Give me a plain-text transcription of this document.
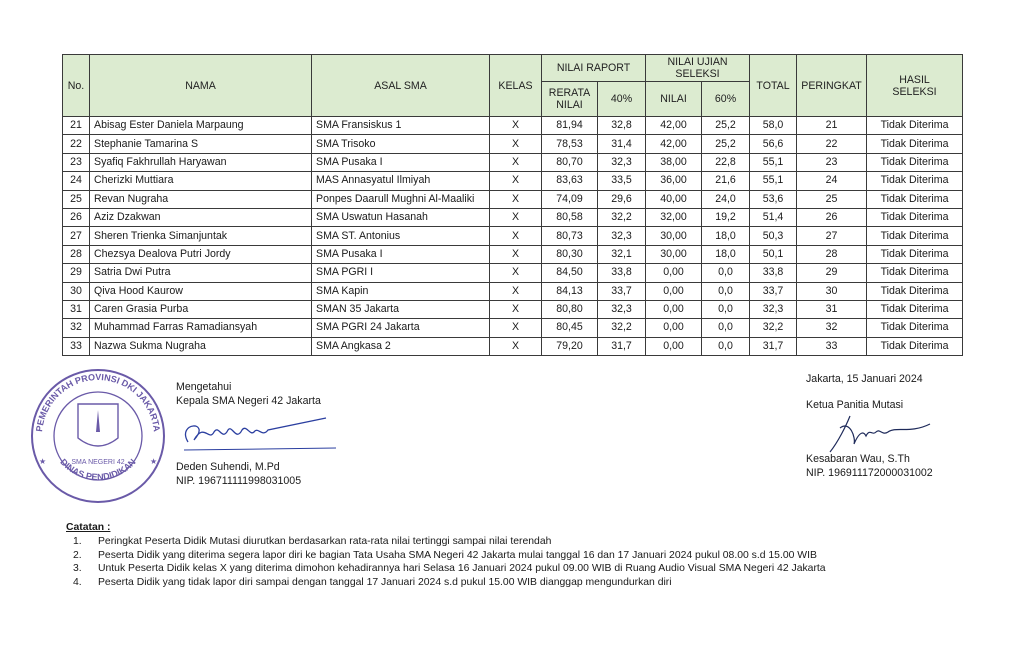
No.	NAMA	ASAL SMA	KELAS	NILAI RAPORT		NILAI UJIAN SELEKSI		TOTAL	PERINGKAT	HASIL SELEKSI
				RERATA NILAI	40%	NILAI	60%			
21	Abisag Ester Daniela Marpaung	SMA Fransiskus 1	X	81,94	32,8	42,00	25,2	58,0	21	Tidak Diterima
22	Stephanie Tamarina S	SMA Trisoko	X	78,53	31,4	42,00	25,2	56,6	22	Tidak Diterima
23	Syafiq Fakhrullah Haryawan	SMA Pusaka I	X	80,70	32,3	38,00	22,8	55,1	23	Tidak Diterima
24	Cherizki Muttiara	MAS Annasyatul Ilmiyah	X	83,63	33,5	36,00	21,6	55,1	24	Tidak Diterima
25	Revan Nugraha	Ponpes Daarull Mughni Al-Maaliki	X	74,09	29,6	40,00	24,0	53,6	25	Tidak Diterima
26	Aziz Dzakwan	SMA Uswatun Hasanah	X	80,58	32,2	32,00	19,2	51,4	26	Tidak Diterima
27	Sheren Trienka Simanjuntak	SMA ST. Antonius	X	80,73	32,3	30,00	18,0	50,3	27	Tidak Diterima
28	Chezsya Dealova Putri Jordy	SMA Pusaka I	X	80,30	32,1	30,00	18,0	50,1	28	Tidak Diterima
29	Satria Dwi Putra	SMA PGRI I	X	84,50	33,8	0,00	0,0	33,8	29	Tidak Diterima
30	Qiva Hood Kaurow	SMA Kapin	X	84,13	33,7	0,00	0,0	33,7	30	Tidak Diterima
31	Caren Grasia Purba	SMAN 35 Jakarta	X	80,80	32,3	0,00	0,0	32,3	31	Tidak Diterima
32	Muhammad Farras Ramadiansyah	SMA PGRI 24 Jakarta	X	80,45	32,2	0,00	0,0	32,2	32	Tidak Diterima
33	Nazwa Sukma Nugraha	SMA Angkasa 2	X	79,20	31,7	0,00	0,0	31,7	33	Tidak Diterima
PEMERINTAH PROVINSI DKI JAKARTA
DINAS PENDIDIKAN
SMA NEGERI 42
★	★
Mengetahui
Kepala SMA Negeri 42 Jakarta
Deden Suhendi, M.Pd
NIP. 196711111998031005
Jakarta, 15 Januari 2024
Ketua Panitia Mutasi
Kesabaran Wau, S.Th
NIP. 196911172000031002
Catatan :
1.	Peringkat Peserta Didik Mutasi diurutkan berdasarkan rata-rata nilai tertinggi sampai nilai terendah
2.	Peserta Didik yang diterima segera lapor diri ke bagian Tata Usaha SMA Negeri 42 Jakarta mulai tanggal 16 dan 17 Januari 2024 pukul 08.00 s.d 15.00 WIB
3.	Untuk Peserta Didik kelas X yang diterima dimohon kehadirannya hari Selasa 16 Januari 2024 pukul 09.00 WIB di Ruang Audio Visual SMA Negeri 42 Jakarta
4.	Peserta Didik yang tidak lapor diri sampai dengan tanggal 17 Januari 2024 s.d pukul 15.00 WIB dianggap mengundurkan diri
